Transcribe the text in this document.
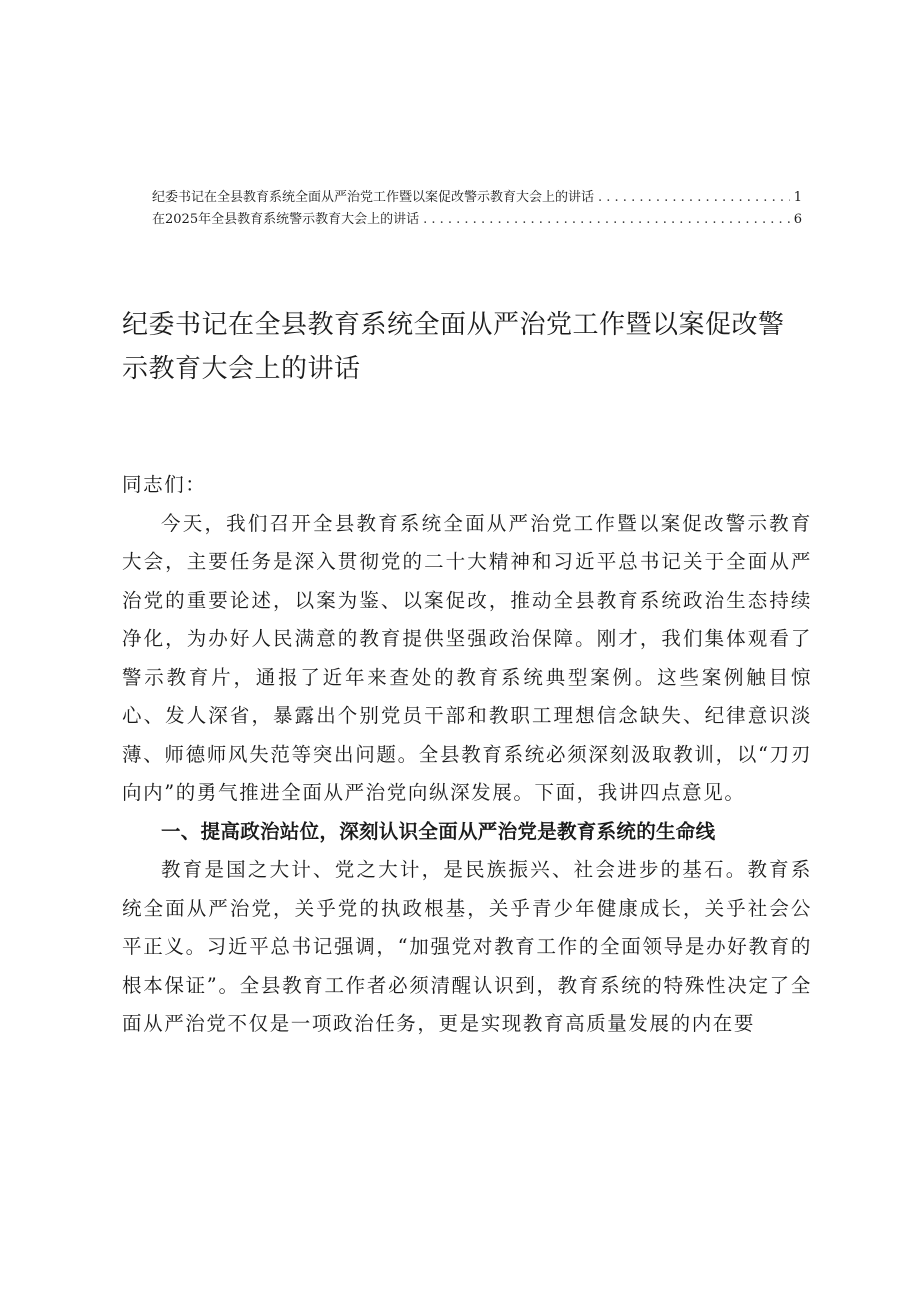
纪委书记在全县教育系统全面从严治党工作暨以案促改警示教育大会上的讲话 . . .	1
在2025年全县教育系统警示教育大会上的讲话 . . .	6
纪委书记在全县教育系统全面从严治党工作暨以案促改警示教育大会上的讲话

同志们：

今天，我们召开全县教育系统全面从严治党工作暨以案促改警示教育大会，主要任务是深入贯彻党的二十大精神和习近平总书记关于全面从严治党的重要论述，以案为鉴、以案促改，推动全县教育系统政治生态持续净化，为办好人民满意的教育提供坚强政治保障。刚才，我们集体观看了警示教育片，通报了近年来查处的教育系统典型案例。这些案例触目惊心、发人深省，暴露出个别党员干部和教职工理想信念缺失、纪律意识淡薄、师德师风失范等突出问题。全县教育系统必须深刻汲取教训，以“刀刃向内”的勇气推进全面从严治党向纵深发展。下面，我讲四点意见。

一、提高政治站位，深刻认识全面从严治党是教育系统的生命线

教育是国之大计、党之大计，是民族振兴、社会进步的基石。教育系统全面从严治党，关乎党的执政根基，关乎青少年健康成长，关乎社会公平正义。习近平总书记强调，“加强党对教育工作的全面领导是办好教育的根本保证”。全县教育工作者必须清醒认识到，教育系统的特殊性决定了全面从严治党不仅是一项政治任务，更是实现教育高质量发展的内在要
